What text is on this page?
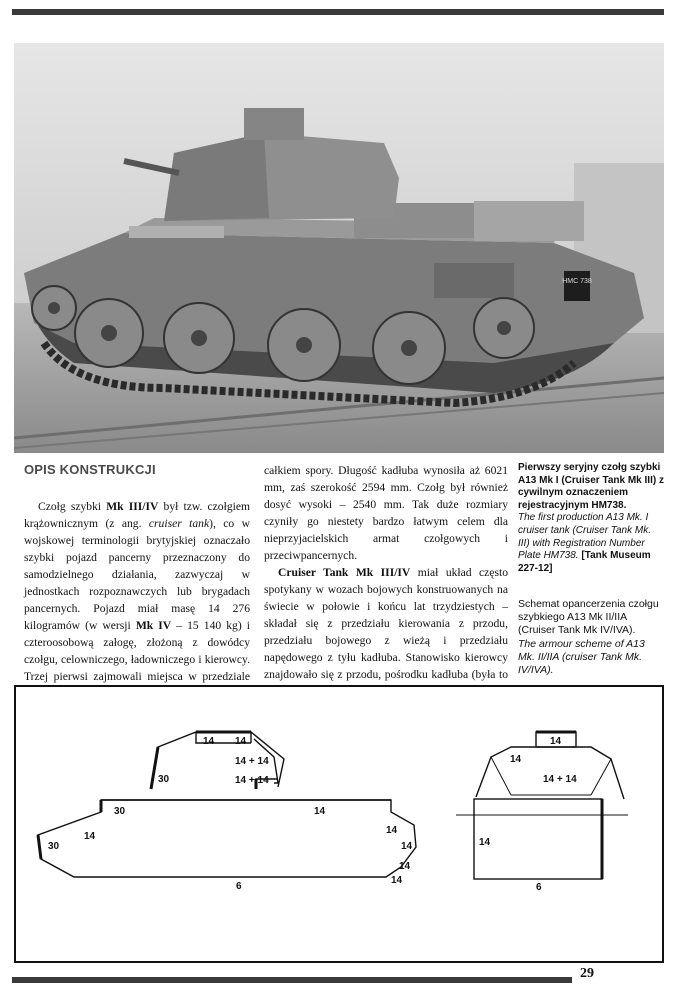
HMC 738
OPIS KONSTRUKCJI

Czołg szybki Mk III/IV był tzw. czołgiem krążownicznym (z ang. cruiser tank), co w wojskowej terminologii brytyjskiej oznaczało szybki pojazd pancerny przeznaczony do samodzielnego działania, zazwyczaj w jednostkach rozpoznawczych lub brygadach pancernych. Pojazd miał masę 14 276 kilogramów (w wersji Mk IV – 15 140 kg) i czteroosobową załogę, złożoną z dowódcy czołgu, celowniczego, ładowniczego i kierowcy. Trzej pierwsi zajmowali miejsca w przedziale

całkiem spory. Długość kadłuba wynosiła aż 6021 mm, zaś szerokość 2594 mm. Czołg był również dosyć wysoki – 2540 mm. Tak duże rozmiary czyniły go niestety bardzo łatwym celem dla nieprzyjacielskich armat czołgowych i przeciwpancernych.

Cruiser Tank Mk III/IV miał układ często spotykany w wozach bojowych konstruowanych na świecie w połowie i końcu lat trzydziestych – składał się z przedziału kierowania z przodu, przedziału bojowego z wieżą i przedziału napędowego z tyłu kadłuba. Stanowisko kierowcy znajdowało się z przodu, pośrodku kadłuba (była to

Pierwszy seryjny czołg szybki A13 Mk I (Cruiser Tank Mk III) z cywilnym oznaczeniem rejestracyjnym HM738.
The first production A13 Mk. I cruiser tank (Cruiser Tank Mk. III) with Registration Number Plate HM738. [Tank Museum 227-12]
Schemat opancerzenia czołgu szybkiego A13 Mk II/IIA (Cruiser Tank Mk IV/IVA).
The armour scheme of A13 Mk. II/IIA (cruiser Tank Mk. IV/IVA).
14 14
14 + 14
14 + 14
30
14
30
14
30
14
14
14
6
14
14
14
14 + 14
14
6
29
